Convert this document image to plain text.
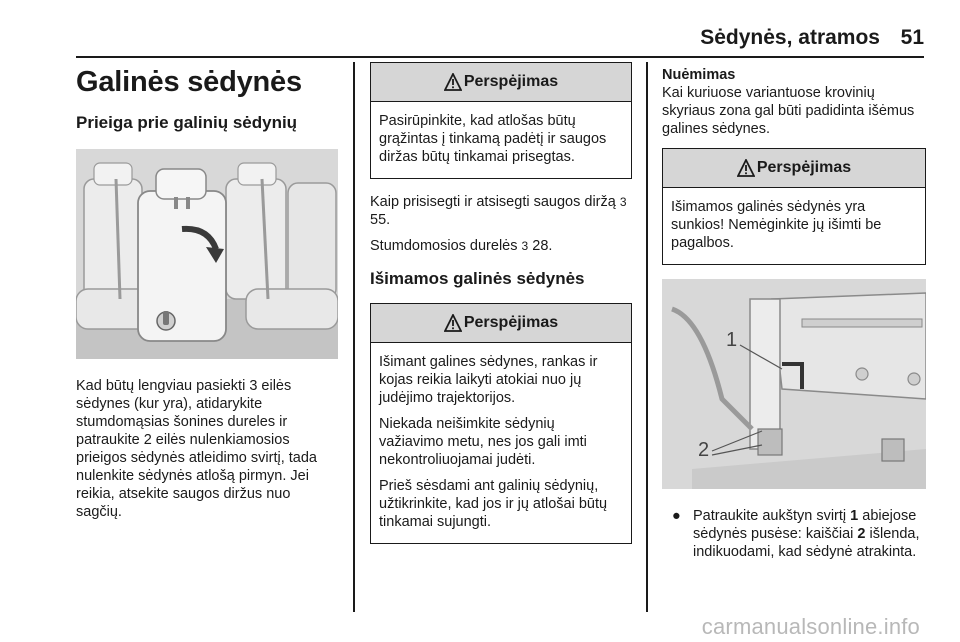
Sėdynės, atramos 51
Galinės sėdynės
Prieiga prie galinių sėdynių

Kad būtų lengviau pasiekti 3 eilės sėdynes (kur yra), atidarykite stumdomąsias šonines dureles ir patraukite 2 eilės nulenkiamosios prieigos sėdynės atleidimo svirtį, tada nulenkite sėdynės atlošą pirmyn. Jei reikia, atsekite saugos diržus nuo sagčių.

Perspėjimas

Pasirūpinkite, kad atlošas būtų grąžintas į tinkamą padėtį ir saugos diržas būtų tinkamai prisegtas.

Kaip prisisegti ir atsisegti saugos diržą 3 55.

Stumdomosios durelės 3 28.

Išimamos galinės sėdynės
Perspėjimas

Išimant galines sėdynes, rankas ir kojas reikia laikyti atokiai nuo jų judėjimo trajektorijos.

Niekada neišimkite sėdynių važiavimo metu, nes jos gali imti nekontroliuojamai judėti.

Prieš sėsdami ant galinių sėdynių, užtikrinkite, kad jos ir jų atlošai būtų tinkamai sujungti.

Nuėmimas

Kai kuriuose variantuose krovinių skyriaus zona gal būti padidinta išėmus galines sėdynes.

Perspėjimas

Išimamos galinės sėdynės yra sunkios! Nemėginkite jų išimti be pagalbos.

1
2
● Patraukite aukštyn svirtį 1 abiejose sėdynės pusėse: kaiščiai 2 išlenda, indikuodami, kad sėdynė atrakinta.
carmanualsonline.info
